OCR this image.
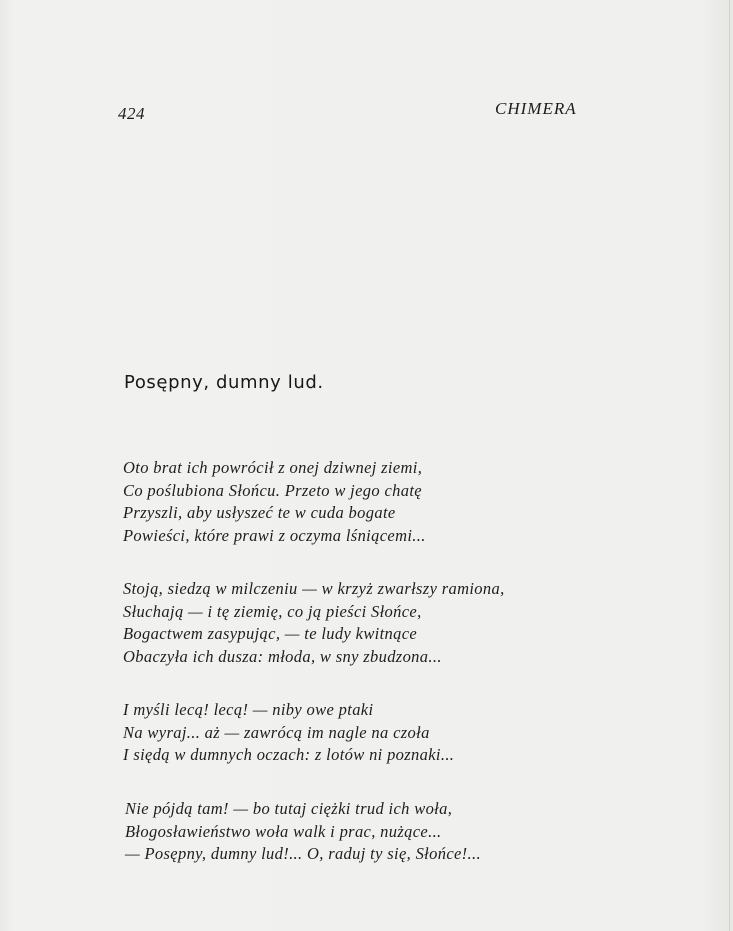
424	CHIMERA
Posępny, dumny lud.
Oto brat ich powrócił z onej dziwnej ziemi,
Co poślubiona Słońcu. Przeto w jego chatę
Przyszli, aby usłyszeć te w cuda bogate
Powieści, które prawi z oczyma lśniącemi...
Stoją, siedzą w milczeniu — w krzyż zwarłszy ramiona,
Słuchają — i tę ziemię, co ją pieści Słońce,
Bogactwem zasypując, — te ludy kwitnące
Obaczyła ich dusza: młoda, w sny zbudzona...
I myśli lecą! lecą! — niby owe ptaki
Na wyraj... aż — zawrócą im nagle na czoła
I siędą w dumnych oczach: z lotów ni poznaki...
Nie pójdą tam! — bo tutaj ciężki trud ich woła,
Błogosławieństwo woła walk i prac, nużące...
— Posępny, dumny lud!... O, raduj ty się, Słońce!...
